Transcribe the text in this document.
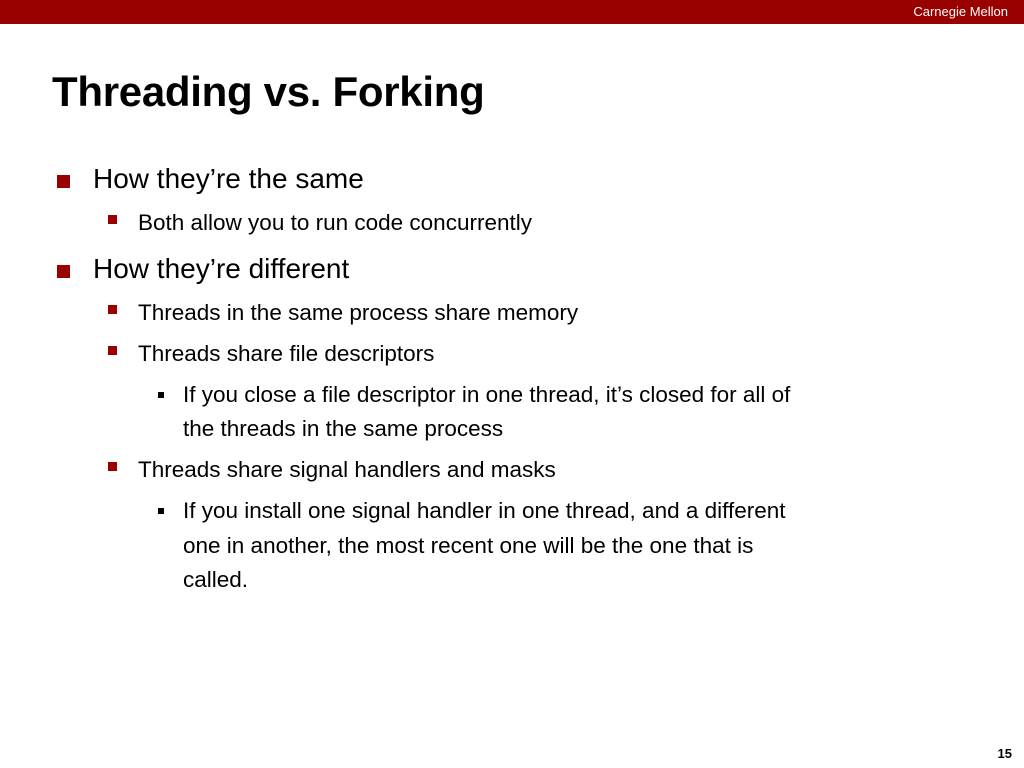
Carnegie Mellon
Threading vs. Forking
How they’re the same
Both allow you to run code concurrently
How they’re different
Threads in the same process share memory
Threads share file descriptors
If you close a file descriptor in one thread, it’s closed for all of
the threads in the same process
Threads share signal handlers and masks
If you install one signal handler in one thread, and a different
one in another, the most recent one will be the one that is
called.
15
